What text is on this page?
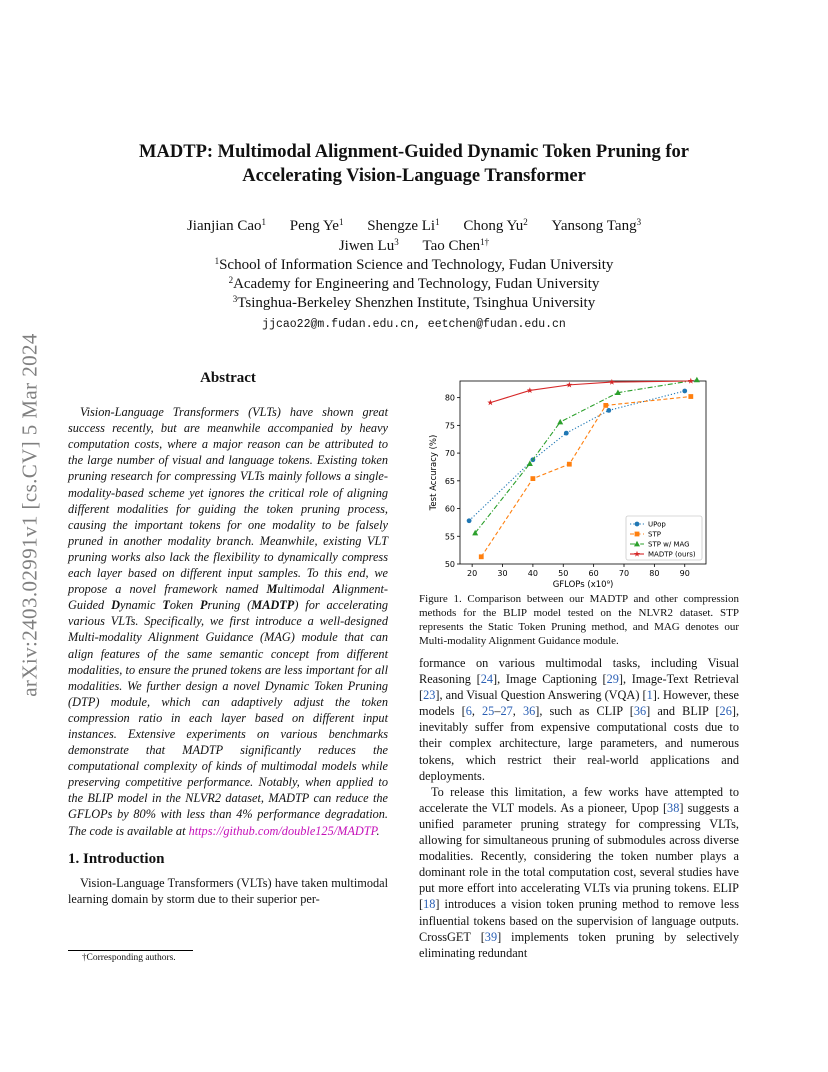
arXiv:2403.02991v1 [cs.CV] 5 Mar 2024
MADTP: Multimodal Alignment-Guided Dynamic Token Pruning for
Accelerating Vision-Language Transformer
Jianjian Cao$^1$ Peng Ye$^1$ Shengze Li$^1$ Chong Yu$^2$ Yansong Tang$^3$
Jiwen Lu$^3$ Tao Chen$^{1\dagger}$
$^1$School of Information Science and Technology, Fudan University
$^2$Academy for Engineering and Technology, Fudan University
$^3$Tsinghua-Berkeley Shenzhen Institute, Tsinghua University
jjcao22@m.fudan.edu.cn, eetchen@fudan.edu.cn
Abstract

Vision-Language Transformers (VLTs) have shown great success recently, but are meanwhile accompanied by heavy computation costs, where a major reason can be attributed to the large number of visual and language tokens. Existing token pruning research for compressing VLTs mainly follows a single-modality-based scheme yet ignores the critical role of aligning different modalities for guiding the token pruning process, causing the important tokens for one modality to be falsely pruned in another modality branch. Meanwhile, existing VLT pruning works also lack the flexibility to dynamically compress each layer based on different input samples. To this end, we propose a novel framework named Multimodal Alignment-Guided Dynamic Token Pruning (MADTP) for accelerating various VLTs. Specifically, we first introduce a well-designed Multi-modality Alignment Guidance (MAG) module that can align features of the same semantic concept from different modalities, to ensure the pruned tokens are less important for all modalities. We further design a novel Dynamic Token Pruning (DTP) module, which can adaptively adjust the token compression ratio in each layer based on different input instances. Extensive experiments on various benchmarks demonstrate that MADTP significantly reduces the computational complexity of kinds of multimodal models while preserving competitive performance. Notably, when applied to the BLIP model in the NLVR2 dataset, MADTP can reduce the GFLOPs by 80% with less than 4% performance degradation. The code is available at https://github.com/double125/MADTP.

1. Introduction

Vision-Language Transformers (VLTs) have taken multimodal learning domain by storm due to their superior per-

†Corresponding authors.
20	30	40	50	60	70	80	90
50
55
60
65
70
75
80
GFLOPs (x10⁹)
Test Accuracy (%)
UPop
STP
STP w/ MAG
MADTP (ours)
Figure 1. Comparison between our MADTP and other compression methods for the BLIP model tested on the NLVR2 dataset. STP represents the Static Token Pruning method, and MAG denotes our Multi-modality Alignment Guidance module.

formance on various multimodal tasks, including Visual Reasoning [24], Image Captioning [29], Image-Text Retrieval [23], and Visual Question Answering (VQA) [1]. However, these models [6, 25–27, 36], such as CLIP [36] and BLIP [26], inevitably suffer from expensive computational costs due to their complex architecture, large parameters, and numerous tokens, which restrict their real-world applications and deployments.

To release this limitation, a few works have attempted to accelerate the VLT models. As a pioneer, Upop [38] suggests a unified parameter pruning strategy for compressing VLTs, allowing for simultaneous pruning of submodules across diverse modalities. Recently, considering the token number plays a dominant role in the total computation cost, several studies have put more effort into accelerating VLTs via pruning tokens. ELIP [18] introduces a vision token pruning method to remove less influential tokens based on the supervision of language outputs. CrossGET [39] implements token pruning by selectively eliminating redundant
